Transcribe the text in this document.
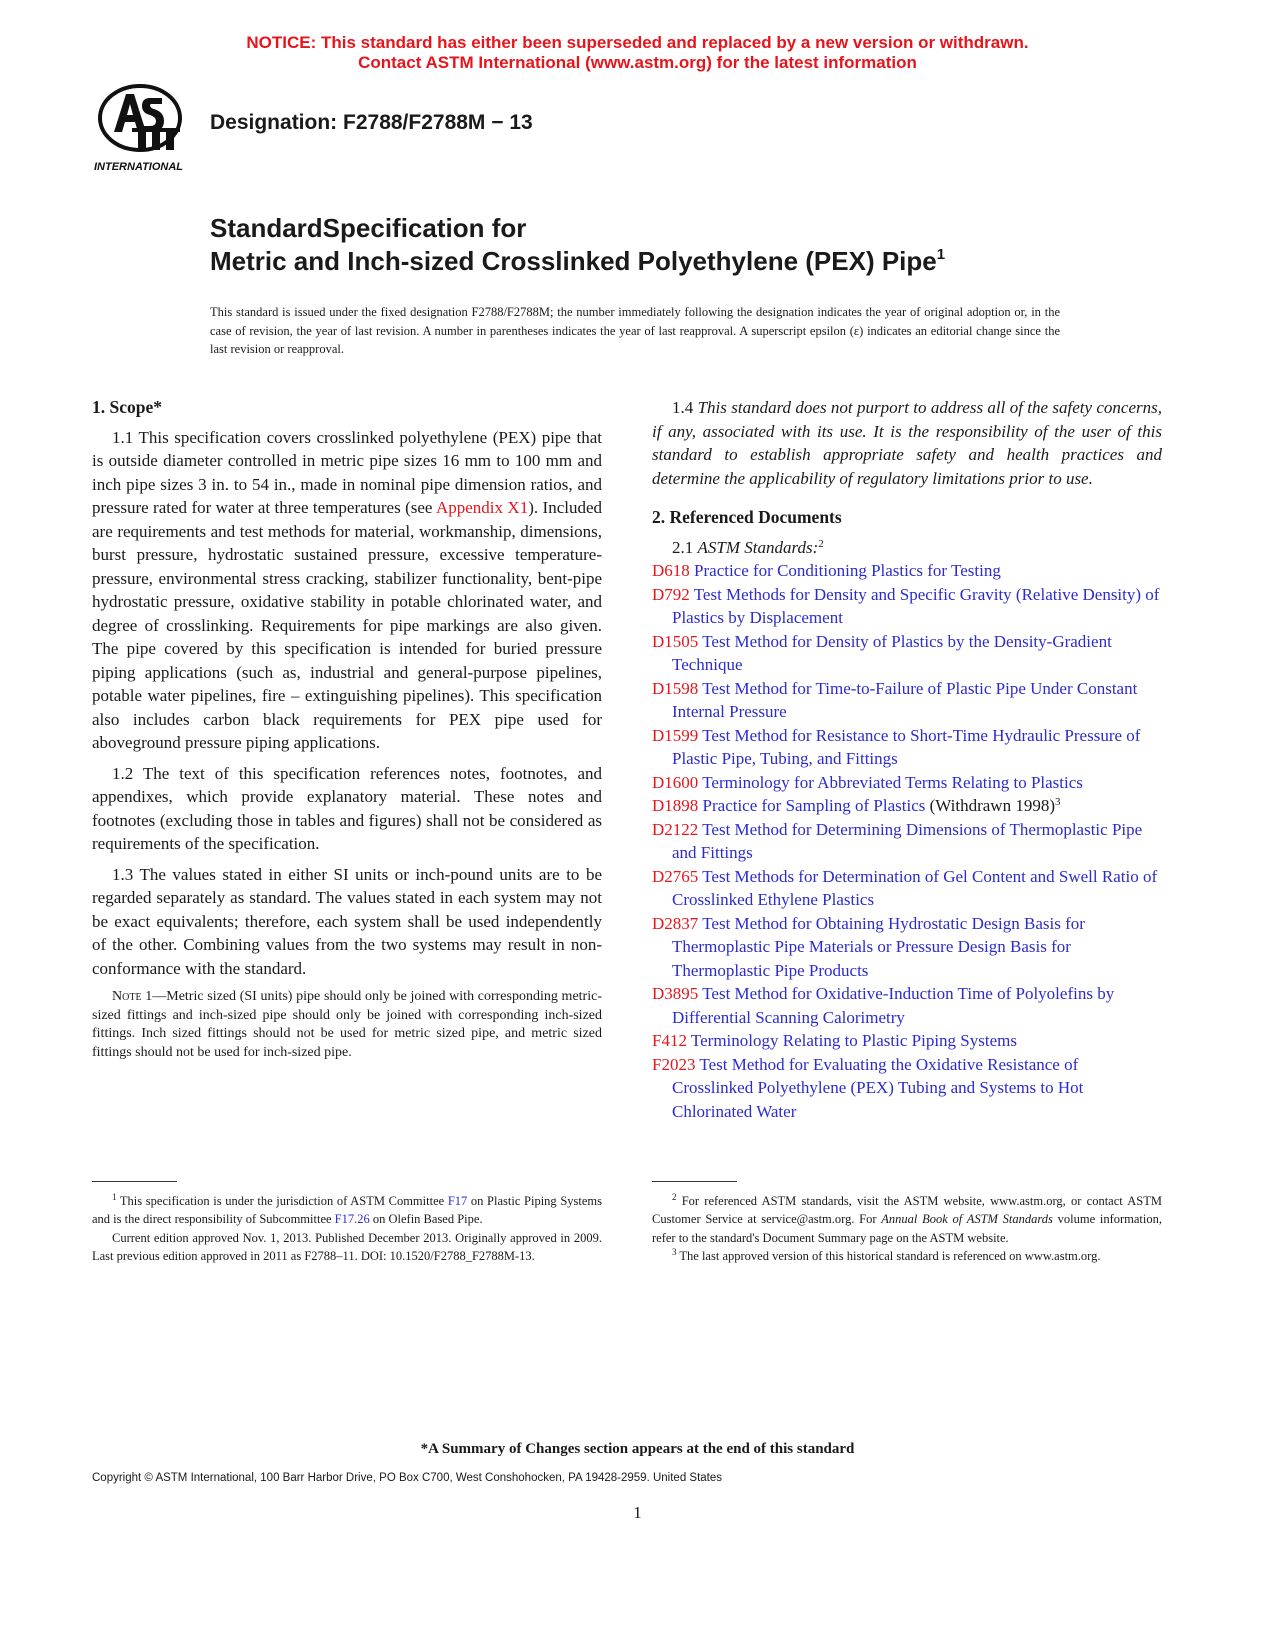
NOTICE: This standard has either been superseded and replaced by a new version or withdrawn.
Contact ASTM International (www.astm.org) for the latest information
INTERNATIONAL
Designation: F2788/F2788M − 13
StandardSpecification for
Metric and Inch-sized Crosslinked Polyethylene (PEX) Pipe$^1$
This standard is issued under the fixed designation F2788/F2788M; the number immediately following the designation indicates the year of original adoption or, in the case of revision, the year of last revision. A number in parentheses indicates the year of last reapproval. A superscript epsilon (ε) indicates an editorial change since the last revision or reapproval.

1. Scope*

1.1 This specification covers crosslinked polyethylene (PEX) pipe that is outside diameter controlled in metric pipe sizes 16 mm to 100 mm and inch pipe sizes 3 in. to 54 in., made in nominal pipe dimension ratios, and pressure rated for water at three temperatures (see Appendix X1). Included are requirements and test methods for material, workmanship, dimensions, burst pressure, hydrostatic sustained pressure, excessive temperature-pressure, environmental stress cracking, stabilizer functionality, bent-pipe hydrostatic pressure, oxidative stability in potable chlorinated water, and degree of crosslinking. Requirements for pipe markings are also given. The pipe covered by this specification is intended for buried pressure piping applications (such as, industrial and general-purpose pipelines, potable water pipelines, fire – extinguishing pipelines). This specification also includes carbon black requirements for PEX pipe used for aboveground pressure piping applications.

1.2 The text of this specification references notes, footnotes, and appendixes, which provide explanatory material. These notes and footnotes (excluding those in tables and figures) shall not be considered as requirements of the specification.

1.3 The values stated in either SI units or inch-pound units are to be regarded separately as standard. The values stated in each system may not be exact equivalents; therefore, each system shall be used independently of the other. Combining values from the two systems may result in non-conformance with the standard.

Note 1—Metric sized (SI units) pipe should only be joined with corresponding metric-sized fittings and inch-sized pipe should only be joined with corresponding inch-sized fittings. Inch sized fittings should not be used for metric sized pipe, and metric sized fittings should not be used for inch-sized pipe.

$^1$ This specification is under the jurisdiction of ASTM Committee F17 on Plastic Piping Systems and is the direct responsibility of Subcommittee F17.26 on Olefin Based Pipe.
Current edition approved Nov. 1, 2013. Published December 2013. Originally approved in 2009. Last previous edition approved in 2011 as F2788–11. DOI: 10.1520/F2788_F2788M-13.

1.4 This standard does not purport to address all of the safety concerns, if any, associated with its use. It is the responsibility of the user of this standard to establish appropriate safety and health practices and determine the applicability of regulatory limitations prior to use.

2. Referenced Documents

2.1 ASTM Standards:$^2$

D618 Practice for Conditioning Plastics for Testing
D792 Test Methods for Density and Specific Gravity (Relative Density) of Plastics by Displacement
D1505 Test Method for Density of Plastics by the Density-Gradient Technique
D1598 Test Method for Time-to-Failure of Plastic Pipe Under Constant Internal Pressure
D1599 Test Method for Resistance to Short-Time Hydraulic Pressure of Plastic Pipe, Tubing, and Fittings
D1600 Terminology for Abbreviated Terms Relating to Plastics
D1898 Practice for Sampling of Plastics (Withdrawn 1998)$^3$
D2122 Test Method for Determining Dimensions of Thermoplastic Pipe and Fittings
D2765 Test Methods for Determination of Gel Content and Swell Ratio of Crosslinked Ethylene Plastics
D2837 Test Method for Obtaining Hydrostatic Design Basis for Thermoplastic Pipe Materials or Pressure Design Basis for Thermoplastic Pipe Products
D3895 Test Method for Oxidative-Induction Time of Polyolefins by Differential Scanning Calorimetry
F412 Terminology Relating to Plastic Piping Systems
F2023 Test Method for Evaluating the Oxidative Resistance of Crosslinked Polyethylene (PEX) Tubing and Systems to Hot Chlorinated Water
$^2$ For referenced ASTM standards, visit the ASTM website, www.astm.org, or contact ASTM Customer Service at service@astm.org. For Annual Book of ASTM Standards volume information, refer to the standard's Document Summary page on the ASTM website.
$^3$ The last approved version of this historical standard is referenced on www.astm.org.
*A Summary of Changes section appears at the end of this standard
Copyright © ASTM International, 100 Barr Harbor Drive, PO Box C700, West Conshohocken, PA 19428-2959. United States
1
